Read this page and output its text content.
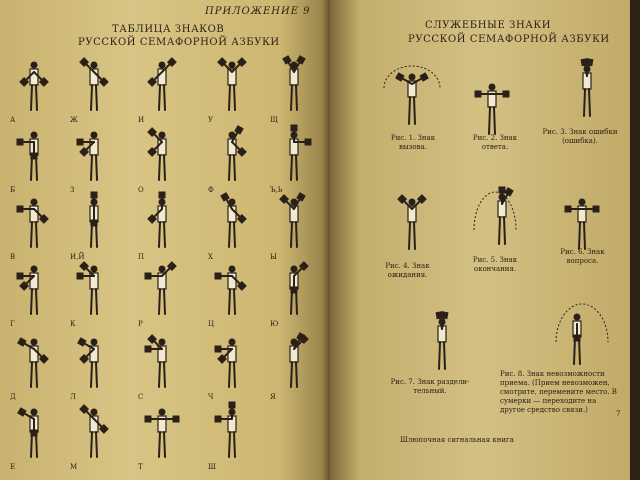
ПРИЛОЖЕНИЕ 9
ТАБЛИЦА ЗНАКОВ
РУССКОЙ СЕМАФОРНОЙ АЗБУКИ
А	Ж	И	У	Щ
Б	З	О	Ф	Ъ,Ь
В	И,Й	П	Х	Ы
Г	К	Р	Ц	Ю
Д	Л	С	Ч	Я
Е	М	Т	Ш
СЛУЖЕБНЫЕ ЗНАКИ
РУССКОЙ СЕМАФОРНОЙ АЗБУКИ
Рис. 1. Знак вызова.
Рис. 2. Знак ответа.
Рис. 3. Знак ошибки (ошибка).
Рис. 4. Знак ожидания.
Рис. 5. Знак окончания.
Рис. 6. Знак вопроса.
Рис. 7. Знак разделительный.
Рис. 8. Знак невозможности приема. (Прием невозможен, смотрите, перемените место. В сумерки — переходите на другое средство связи.)
Шлюпочная сигнальная книга
7
